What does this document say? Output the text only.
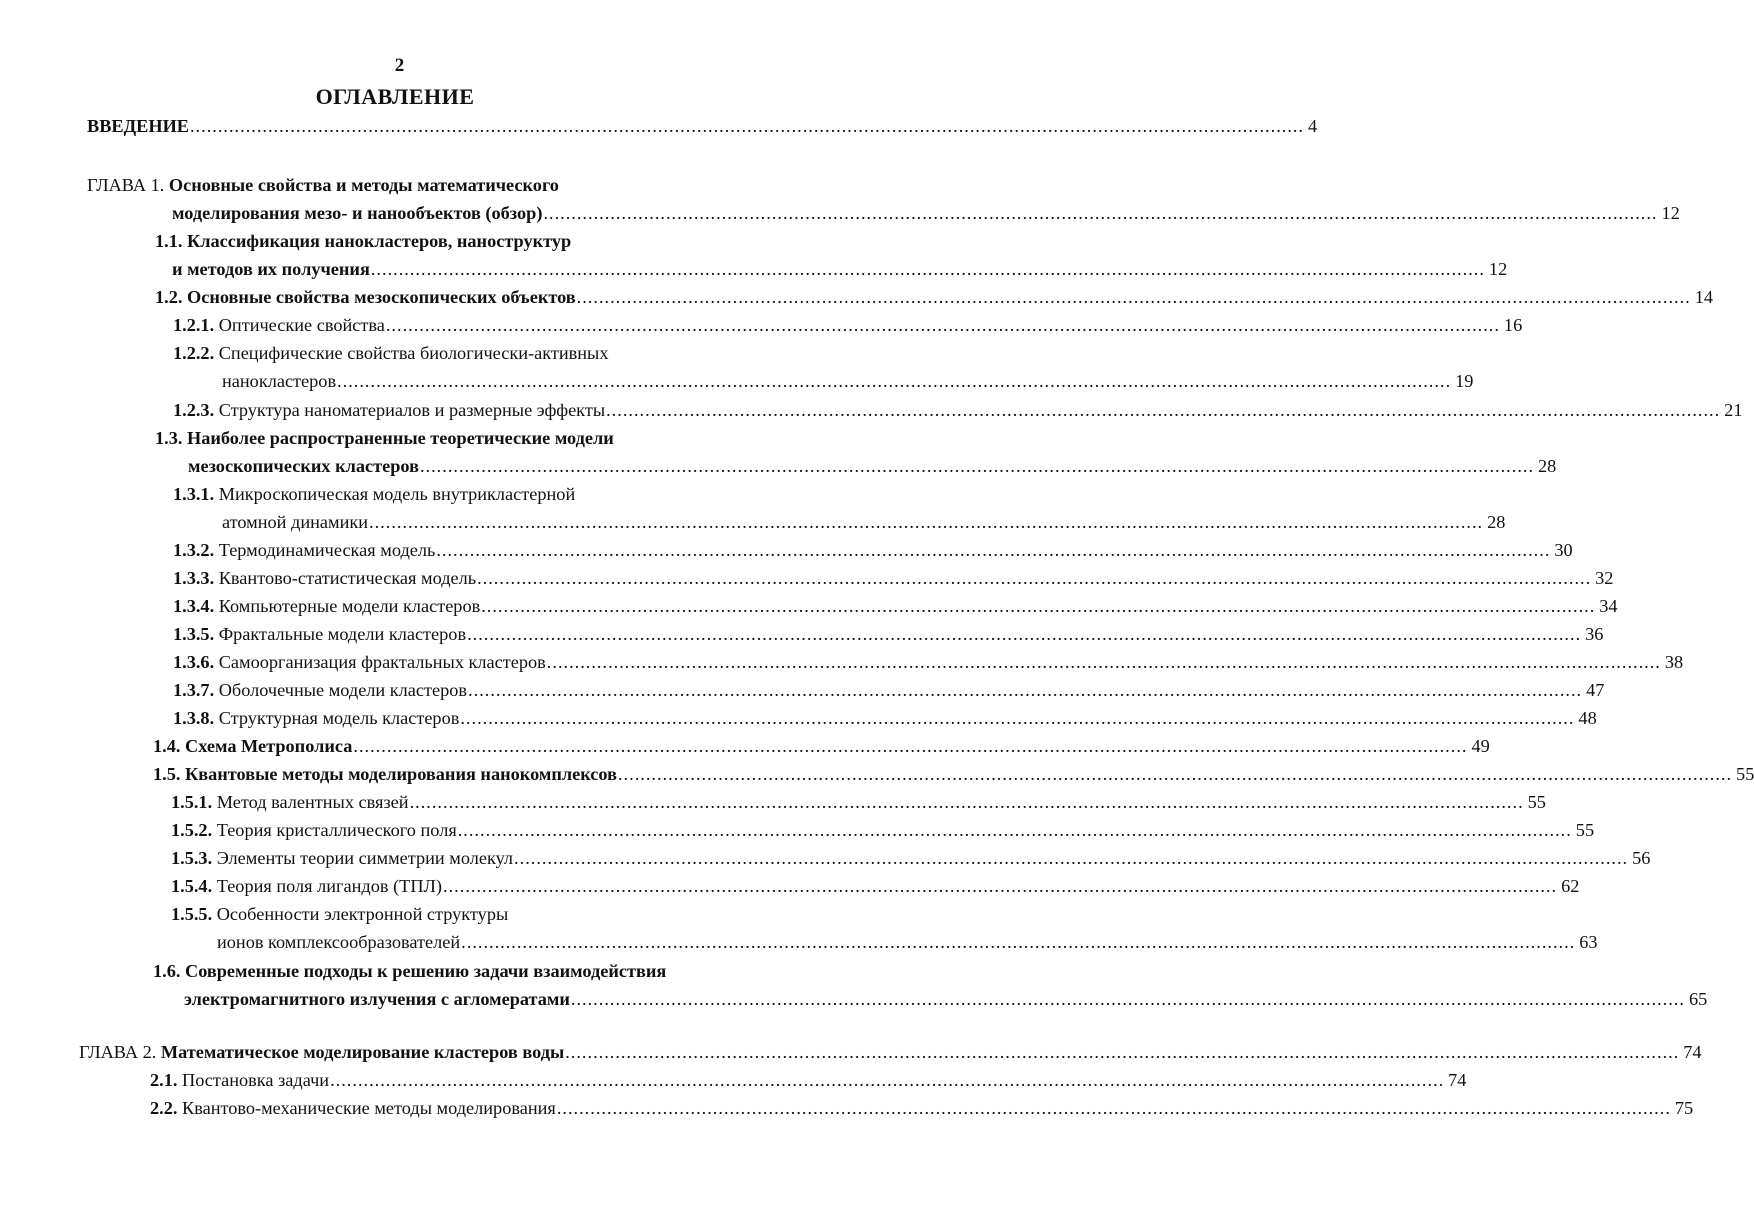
2
ОГЛАВЛЕНИЕ
ВВЕДЕНИЕ ........................................................................................................................................................................................................ 4
ГЛАВА 1.
Основные свойства и методы математического
моделирования мезо- и нанообъектов (обзор) ........................................................................................................................................................................................................ 12
1.1.
Классификация нанокластеров, наноструктур
и методов их получения ........................................................................................................................................................................................................ 12
1.2.
Основные свойства мезоскопических объектов ........................................................................................................................................................................................................ 14
1.2.1.
Оптические свойства ........................................................................................................................................................................................................ 16
1.2.2.
Специфические свойства биологически-активных
нанокластеров ........................................................................................................................................................................................................ 19
1.2.3.
Структура наноматериалов и размерные эффекты ........................................................................................................................................................................................................ 21
1.3.
Наиболее распространенные теоретические модели
мезоскопических кластеров ........................................................................................................................................................................................................ 28
1.3.1.
Микроскопическая модель внутрикластерной
атомной динамики ........................................................................................................................................................................................................ 28
1.3.2.
Термодинамическая модель ........................................................................................................................................................................................................ 30
1.3.3.
Квантово-статистическая модель ........................................................................................................................................................................................................ 32
1.3.4.
Компьютерные модели кластеров ........................................................................................................................................................................................................ 34
1.3.5.
Фрактальные модели кластеров ........................................................................................................................................................................................................ 36
1.3.6.
Самоорганизация фрактальных кластеров ........................................................................................................................................................................................................ 38
1.3.7.
Оболочечные модели кластеров ........................................................................................................................................................................................................ 47
1.3.8.
Структурная модель кластеров ........................................................................................................................................................................................................ 48
1.4.
Схема Метрополиса ........................................................................................................................................................................................................ 49
1.5.
Квантовые методы моделирования нанокомплексов ........................................................................................................................................................................................................ 55
1.5.1.
Метод валентных связей ........................................................................................................................................................................................................ 55
1.5.2.
Теория кристаллического поля ........................................................................................................................................................................................................ 55
1.5.3.
Элементы теории симметрии молекул ........................................................................................................................................................................................................ 56
1.5.4.
Теория поля лигандов (ТПЛ) ........................................................................................................................................................................................................ 62
1.5.5.
Особенности электронной структуры
ионов комплексообразователей ........................................................................................................................................................................................................ 63
1.6.
Современные подходы к решению задачи взаимодействия
электромагнитного излучения с агломератами ........................................................................................................................................................................................................ 65
ГЛАВА 2.
Математическое моделирование кластеров воды ........................................................................................................................................................................................................ 74
2.1.
Постановка задачи ........................................................................................................................................................................................................ 74
2.2.
Квантово-механические методы моделирования ........................................................................................................................................................................................................ 75
